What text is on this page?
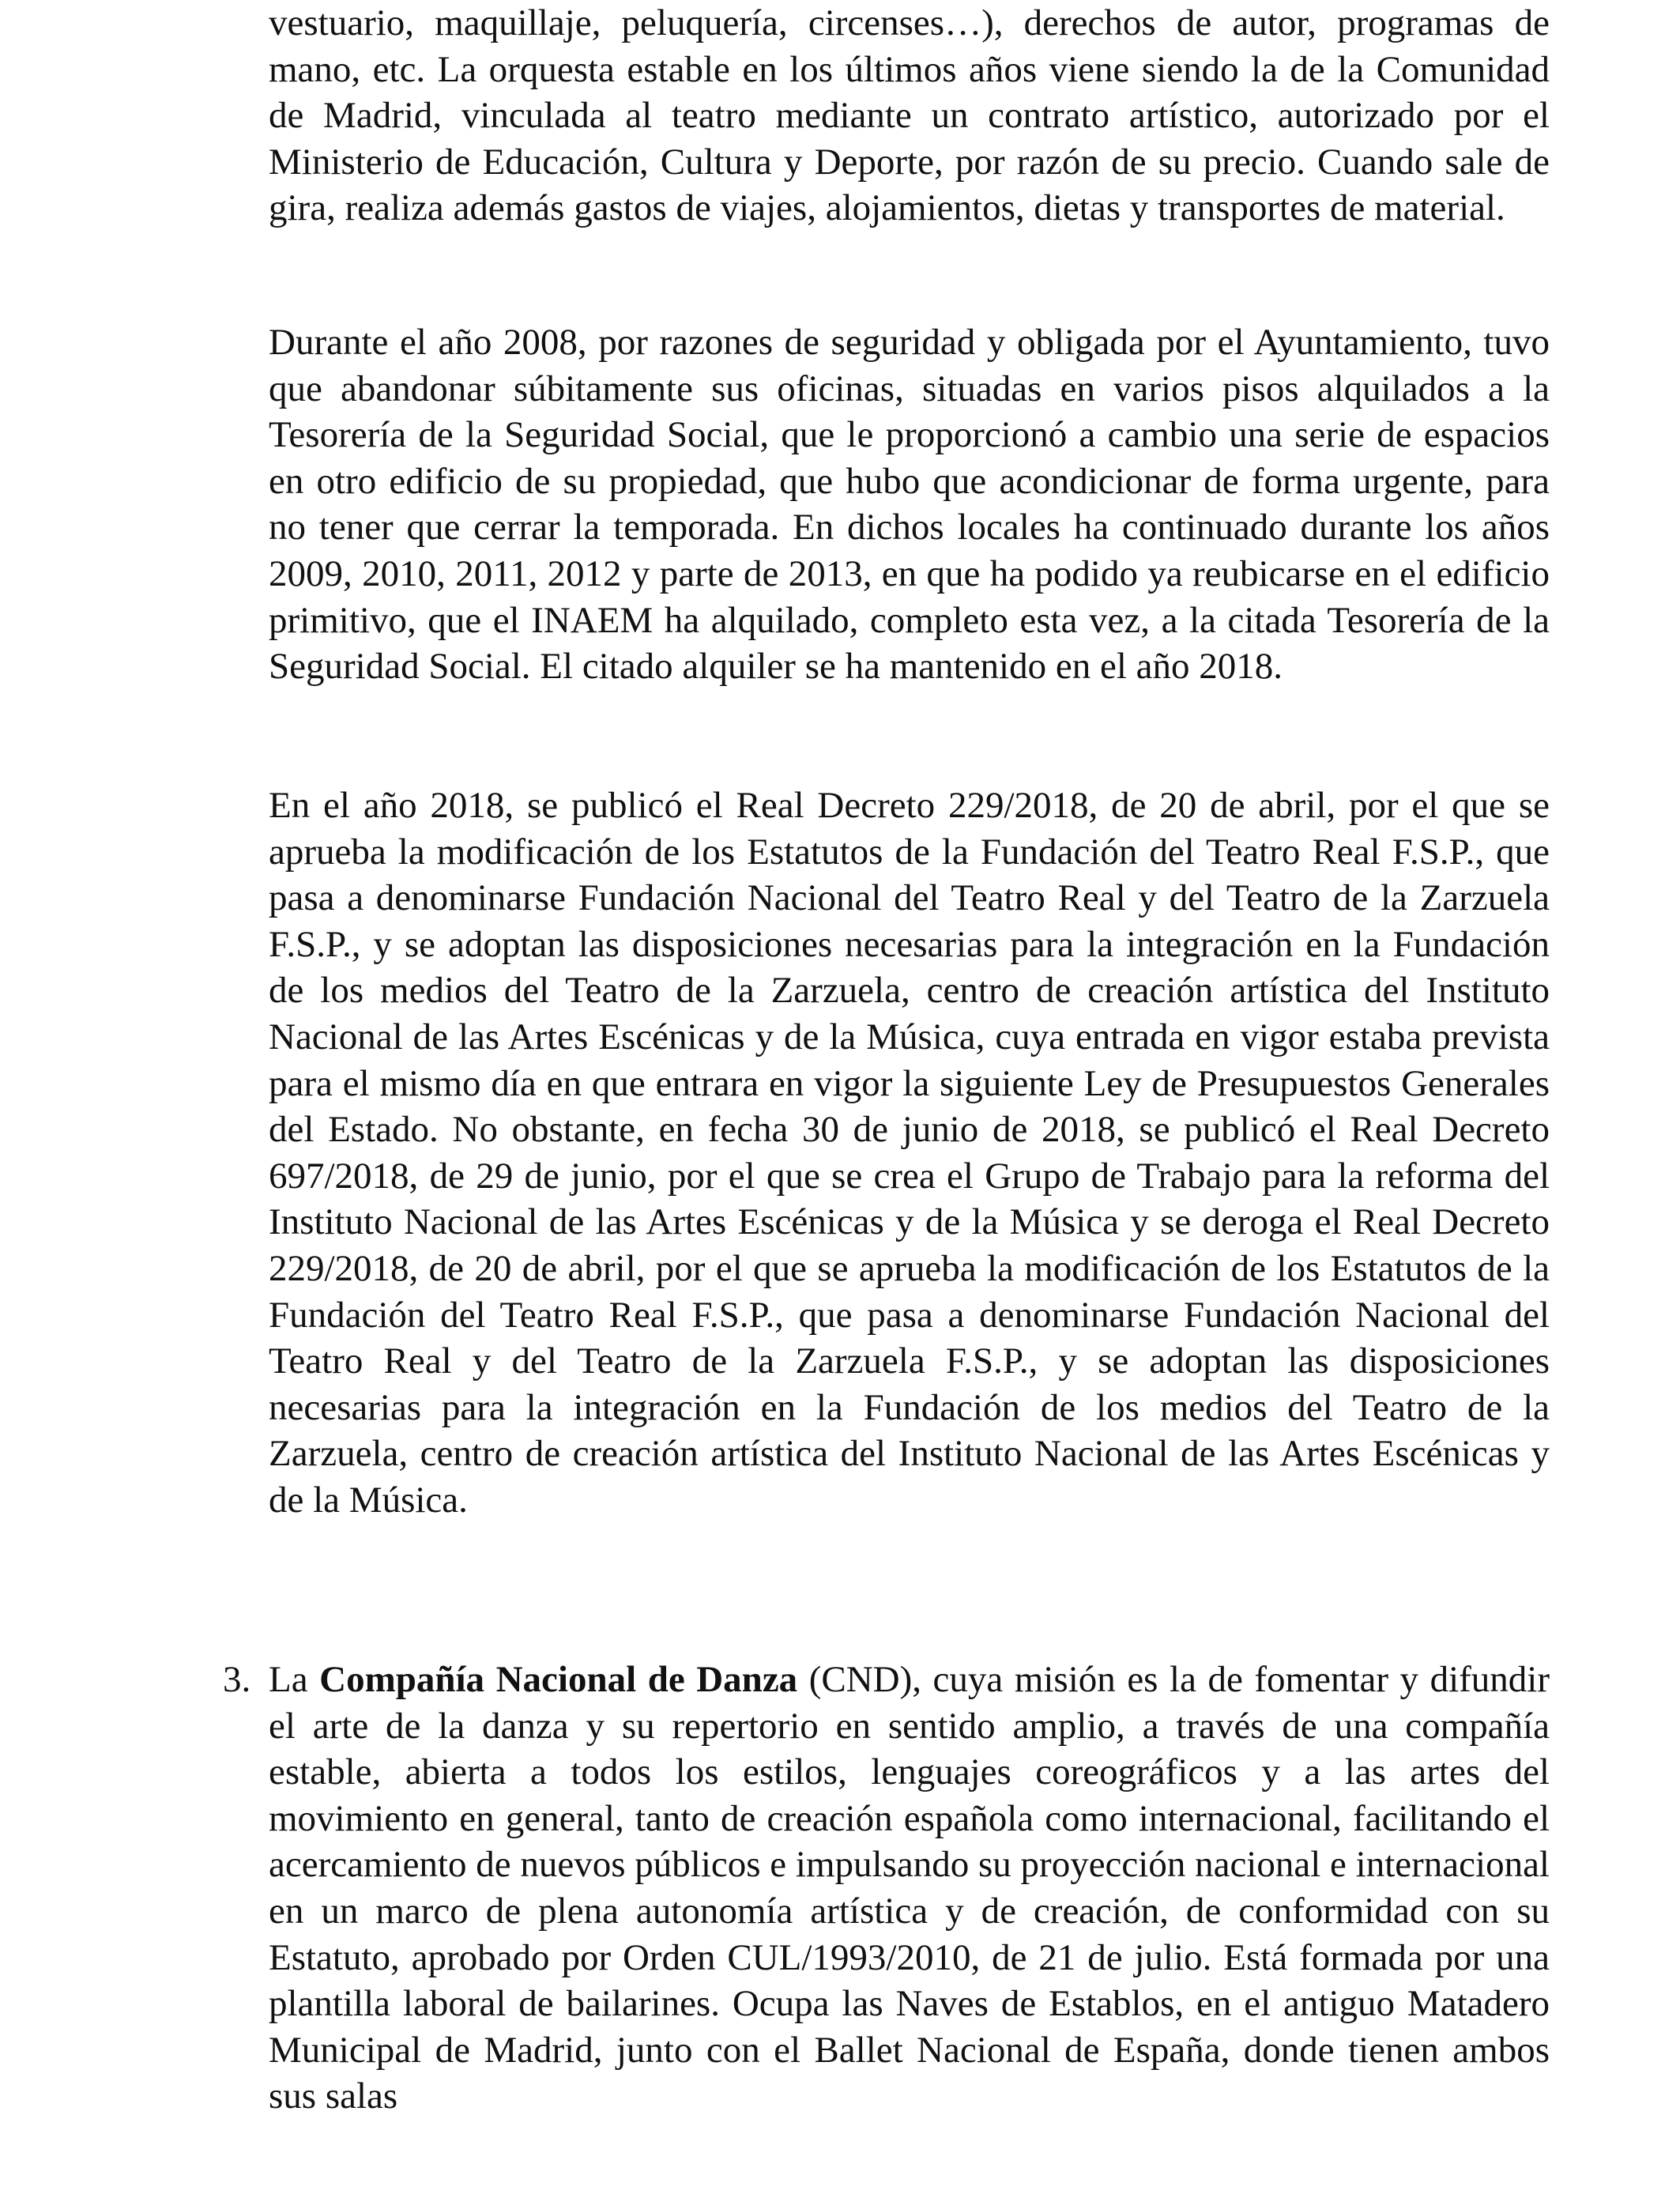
vestuario, maquillaje, peluquería, circenses…), derechos de autor, programas de mano, etc. La orquesta estable en los últimos años viene siendo la de la Comunidad de Madrid, vinculada al teatro mediante un contrato artístico, autorizado por el Ministerio de Educación, Cultura y Deporte, por razón de su precio. Cuando sale de gira, realiza además gastos de viajes, alojamientos, dietas y transportes de material.

Durante el año 2008, por razones de seguridad y obligada por el Ayuntamiento, tuvo que abandonar súbitamente sus oficinas, situadas en varios pisos alquilados a la Tesorería de la Seguridad Social, que le proporcionó a cambio una serie de espacios en otro edificio de su propiedad, que hubo que acondicionar de forma urgente, para no tener que cerrar la temporada. En dichos locales ha continuado durante los años 2009, 2010, 2011, 2012 y parte de 2013, en que ha podido ya reubicarse en el edificio primitivo, que el INAEM ha alquilado, completo esta vez, a la citada Tesorería de la Seguridad Social. El citado alquiler se ha mantenido en el año 2018.

En el año 2018, se publicó el Real Decreto 229/2018, de 20 de abril, por el que se aprueba la modificación de los Estatutos de la Fundación del Teatro Real F.S.P., que pasa a denominarse Fundación Nacional del Teatro Real y del Teatro de la Zarzuela F.S.P., y se adoptan las disposiciones necesarias para la integración en la Fundación de los medios del Teatro de la Zarzuela, centro de creación artística del Instituto Nacional de las Artes Escénicas y de la Música, cuya entrada en vigor estaba prevista para el mismo día en que entrara en vigor la siguiente Ley de Presupuestos Generales del Estado. No obstante, en fecha 30 de junio de 2018, se publicó el Real Decreto 697/2018, de 29 de junio, por el que se crea el Grupo de Trabajo para la reforma del Instituto Nacional de las Artes Escénicas y de la Música y se deroga el Real Decreto 229/2018, de 20 de abril, por el que se aprueba la modificación de los Estatutos de la Fundación del Teatro Real F.S.P., que pasa a denominarse Fundación Nacional del Teatro Real y del Teatro de la Zarzuela F.S.P., y se adoptan las disposiciones necesarias para la integración en la Fundación de los medios del Teatro de la Zarzuela, centro de creación artística del Instituto Nacional de las Artes Escénicas y de la Música.

3. La Compañía Nacional de Danza (CND), cuya misión es la de fomentar y difundir el arte de la danza y su repertorio en sentido amplio, a través de una compañía estable, abierta a todos los estilos, lenguajes coreográficos y a las artes del movimiento en general, tanto de creación española como internacional, facilitando el acercamiento de nuevos públicos e impulsando su proyección nacional e internacional en un marco de plena autonomía artística y de creación, de conformidad con su Estatuto, aprobado por Orden CUL/1993/2010, de 21 de julio. Está formada por una plantilla laboral de bailarines. Ocupa las Naves de Establos, en el antiguo Matadero Municipal de Madrid, junto con el Ballet Nacional de España, donde tienen ambos sus salas
